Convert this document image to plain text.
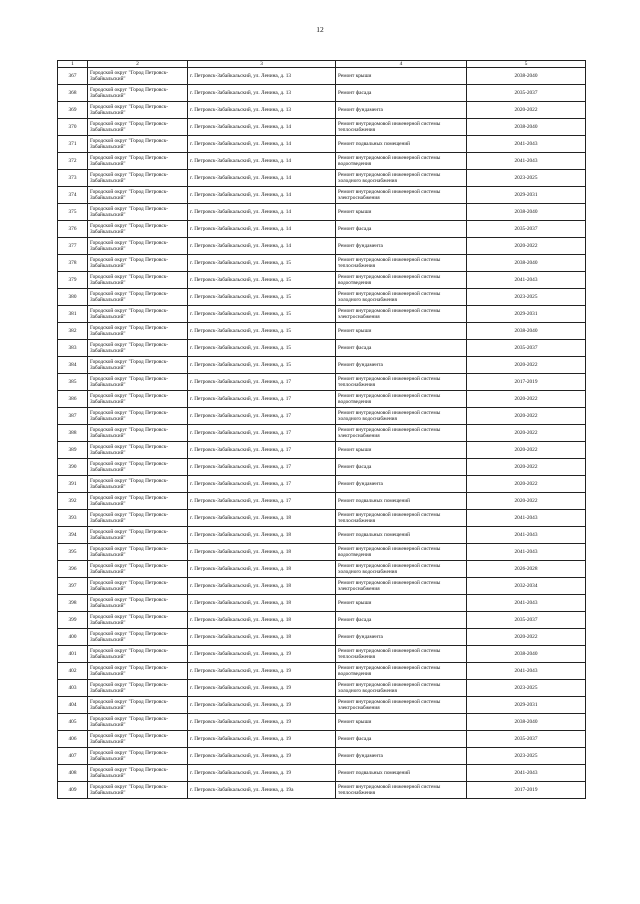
12
1	2	3	4	5
367	Городской округ "Город Петровск-Забайкальский"	г. Петровск-Забайкальский, ул. Ленина, д. 13	Ремонт крыши	2038-2040
368	Городской округ "Город Петровск-Забайкальский"	г. Петровск-Забайкальский, ул. Ленина, д. 13	Ремонт фасада	2035-2037
369	Городской округ "Город Петровск-Забайкальский"	г. Петровск-Забайкальский, ул. Ленина, д. 13	Ремонт фундамента	2020-2022
370	Городской округ "Город Петровск-Забайкальский"	г. Петровск-Забайкальский, ул. Ленина, д. 14	Ремонт внутридомовой инженерной системы теплоснабжения	2038-2040
371	Городской округ "Город Петровск-Забайкальский"	г. Петровск-Забайкальский, ул. Ленина, д. 14	Ремонт подвальных помещений	2041-2043
372	Городской округ "Город Петровск-Забайкальский"	г. Петровск-Забайкальский, ул. Ленина, д. 14	Ремонт внутридомовой инженерной системы водоотведения	2041-2043
373	Городской округ "Город Петровск-Забайкальский"	г. Петровск-Забайкальский, ул. Ленина, д. 14	Ремонт внутридомовой инженерной системы холодного водоснабжения	2023-2025
374	Городской округ "Город Петровск-Забайкальский"	г. Петровск-Забайкальский, ул. Ленина, д. 14	Ремонт внутридомовой инженерной системы электроснабжения	2029-2031
375	Городской округ "Город Петровск-Забайкальский"	г. Петровск-Забайкальский, ул. Ленина, д. 14	Ремонт крыши	2038-2040
376	Городской округ "Город Петровск-Забайкальский"	г. Петровск-Забайкальский, ул. Ленина, д. 14	Ремонт фасада	2035-2037
377	Городской округ "Город Петровск-Забайкальский"	г. Петровск-Забайкальский, ул. Ленина, д. 14	Ремонт фундамента	2020-2022
378	Городской округ "Город Петровск-Забайкальский"	г. Петровск-Забайкальский, ул. Ленина, д. 15	Ремонт внутридомовой инженерной системы теплоснабжения	2038-2040
379	Городской округ "Город Петровск-Забайкальский"	г. Петровск-Забайкальский, ул. Ленина, д. 15	Ремонт внутридомовой инженерной системы водоотведения	2041-2043
380	Городской округ "Город Петровск-Забайкальский"	г. Петровск-Забайкальский, ул. Ленина, д. 15	Ремонт внутридомовой инженерной системы холодного водоснабжения	2023-2025
381	Городской округ "Город Петровск-Забайкальский"	г. Петровск-Забайкальский, ул. Ленина, д. 15	Ремонт внутридомовой инженерной системы электроснабжения	2029-2031
382	Городской округ "Город Петровск-Забайкальский"	г. Петровск-Забайкальский, ул. Ленина, д. 15	Ремонт крыши	2038-2040
383	Городской округ "Город Петровск-Забайкальский"	г. Петровск-Забайкальский, ул. Ленина, д. 15	Ремонт фасада	2035-2037
384	Городской округ "Город Петровск-Забайкальский"	г. Петровск-Забайкальский, ул. Ленина, д. 15	Ремонт фундамента	2020-2022
385	Городской округ "Город Петровск-Забайкальский"	г. Петровск-Забайкальский, ул. Ленина, д. 17	Ремонт внутридомовой инженерной системы теплоснабжения	2017-2019
386	Городской округ "Город Петровск-Забайкальский"	г. Петровск-Забайкальский, ул. Ленина, д. 17	Ремонт внутридомовой инженерной системы водоотведения	2020-2022
387	Городской округ "Город Петровск-Забайкальский"	г. Петровск-Забайкальский, ул. Ленина, д. 17	Ремонт внутридомовой инженерной системы холодного водоснабжения	2020-2022
388	Городской округ "Город Петровск-Забайкальский"	г. Петровск-Забайкальский, ул. Ленина, д. 17	Ремонт внутридомовой инженерной системы электроснабжения	2020-2022
389	Городской округ "Город Петровск-Забайкальский"	г. Петровск-Забайкальский, ул. Ленина, д. 17	Ремонт крыши	2020-2022
390	Городской округ "Город Петровск-Забайкальский"	г. Петровск-Забайкальский, ул. Ленина, д. 17	Ремонт фасада	2020-2022
391	Городской округ "Город Петровск-Забайкальский"	г. Петровск-Забайкальский, ул. Ленина, д. 17	Ремонт фундамента	2020-2022
392	Городской округ "Город Петровск-Забайкальский"	г. Петровск-Забайкальский, ул. Ленина, д. 17	Ремонт подвальных помещений	2020-2022
393	Городской округ "Город Петровск-Забайкальский"	г. Петровск-Забайкальский, ул. Ленина, д. 18	Ремонт внутридомовой инженерной системы теплоснабжения	2041-2043
394	Городской округ "Город Петровск-Забайкальский"	г. Петровск-Забайкальский, ул. Ленина, д. 18	Ремонт подвальных помещений	2041-2043
395	Городской округ "Город Петровск-Забайкальский"	г. Петровск-Забайкальский, ул. Ленина, д. 18	Ремонт внутридомовой инженерной системы водоотведения	2041-2043
396	Городской округ "Город Петровск-Забайкальский"	г. Петровск-Забайкальский, ул. Ленина, д. 18	Ремонт внутридомовой инженерной системы холодного водоснабжения	2026-2028
397	Городской округ "Город Петровск-Забайкальский"	г. Петровск-Забайкальский, ул. Ленина, д. 18	Ремонт внутридомовой инженерной системы электроснабжения	2032-2034
398	Городской округ "Город Петровск-Забайкальский"	г. Петровск-Забайкальский, ул. Ленина, д. 18	Ремонт крыши	2041-2043
399	Городской округ "Город Петровск-Забайкальский"	г. Петровск-Забайкальский, ул. Ленина, д. 18	Ремонт фасада	2035-2037
400	Городской округ "Город Петровск-Забайкальский"	г. Петровск-Забайкальский, ул. Ленина, д. 18	Ремонт фундамента	2020-2022
401	Городской округ "Город Петровск-Забайкальский"	г. Петровск-Забайкальский, ул. Ленина, д. 19	Ремонт внутридомовой инженерной системы теплоснабжения	2038-2040
402	Городской округ "Город Петровск-Забайкальский"	г. Петровск-Забайкальский, ул. Ленина, д. 19	Ремонт внутридомовой инженерной системы водоотведения	2041-2043
403	Городской округ "Город Петровск-Забайкальский"	г. Петровск-Забайкальский, ул. Ленина, д. 19	Ремонт внутридомовой инженерной системы холодного водоснабжения	2023-2025
404	Городской округ "Город Петровск-Забайкальский"	г. Петровск-Забайкальский, ул. Ленина, д. 19	Ремонт внутридомовой инженерной системы электроснабжения	2029-2031
405	Городской округ "Город Петровск-Забайкальский"	г. Петровск-Забайкальский, ул. Ленина, д. 19	Ремонт крыши	2038-2040
406	Городской округ "Город Петровск-Забайкальский"	г. Петровск-Забайкальский, ул. Ленина, д. 19	Ремонт фасада	2035-2037
407	Городской округ "Город Петровск-Забайкальский"	г. Петровск-Забайкальский, ул. Ленина, д. 19	Ремонт фундамента	2023-2025
408	Городской округ "Город Петровск-Забайкальский"	г. Петровск-Забайкальский, ул. Ленина, д. 19	Ремонт подвальных помещений	2041-2043
409	Городской округ "Город Петровск-Забайкальский"	г. Петровск-Забайкальский, ул. Ленина, д. 19а	Ремонт внутридомовой инженерной системы теплоснабжения	2017-2019
